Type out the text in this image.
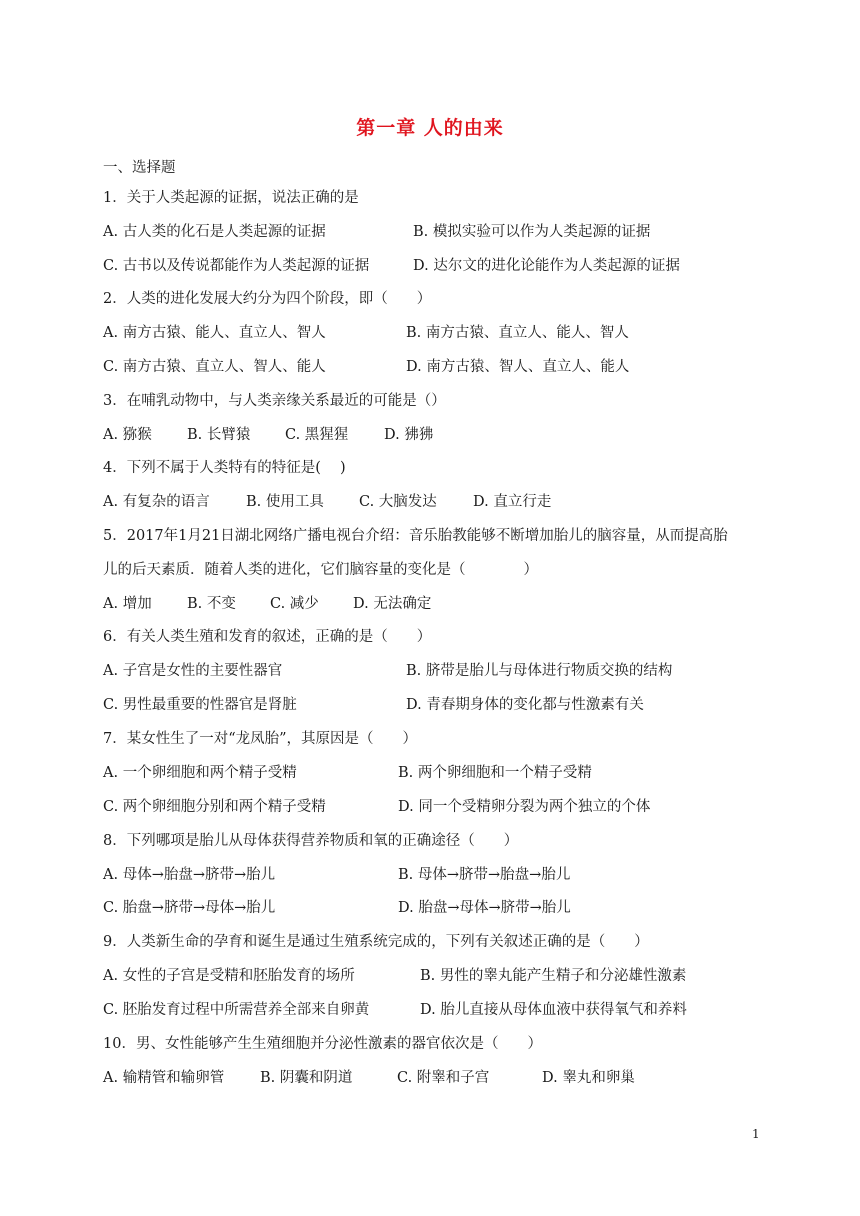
第一章 人的由来
一、选择题
1．关于人类起源的证据，说法正确的是
A. 古人类的化石是人类起源的证据	B. 模拟实验可以作为人类起源的证据
C. 古书以及传说都能作为人类起源的证据	D. 达尔文的进化论能作为人类起源的证据
2．人类的进化发展大约分为四个阶段，即（　　）
A. 南方古猿、能人、直立人、智人	B. 南方古猿、直立人、能人、智人
C. 南方古猿、直立人、智人、能人	D. 南方古猿、智人、直立人、能人
3．在哺乳动物中，与人类亲缘关系最近的可能是（）
A. 猕猴 B. 长臂猿 C. 黑猩猩 D. 狒狒
4．下列不属于人类特有的特征是(　 )
A. 有复杂的语言	B. 使用工具 C. 大脑发达 D. 直立行走
5．2017年1月21日湖北网络广播电视台介绍：音乐胎教能够不断增加胎儿的脑容量，从而提高胎
儿的后天素质．随着人类的进化，它们脑容量的变化是（　　　　）
A. 增加 B. 不变 C. 减少 D. 无法确定
6．有关人类生殖和发育的叙述，正确的是（　　）
A. 子宫是女性的主要性器官	B. 脐带是胎儿与母体进行物质交换的结构
C. 男性最重要的性器官是肾脏	D. 青春期身体的变化都与性激素有关
7．某女性生了一对“龙凤胎”，其原因是（　　）
A. 一个卵细胞和两个精子受精	B. 两个卵细胞和一个精子受精
C. 两个卵细胞分别和两个精子受精	D. 同一个受精卵分裂为两个独立的个体
8．下列哪项是胎儿从母体获得营养物质和氧的正确途径（　　）
A. 母体→胎盘→脐带→胎儿	B. 母体→脐带→胎盘→胎儿
C. 胎盘→脐带→母体→胎儿	D. 胎盘→母体→脐带→胎儿
9．人类新生命的孕育和诞生是通过生殖系统完成的，下列有关叙述正确的是（　　）
A. 女性的子宫是受精和胚胎发育的场所	B. 男性的睾丸能产生精子和分泌雄性激素
C. 胚胎发育过程中所需营养全部来自卵黄	D. 胎儿直接从母体血液中获得氧气和养料
10．男、女性能够产生生殖细胞并分泌性激素的器官依次是（　　）
A. 输精管和输卵管 B. 阴囊和阴道	C. 附睾和子宫	D. 睾丸和卵巢
1
